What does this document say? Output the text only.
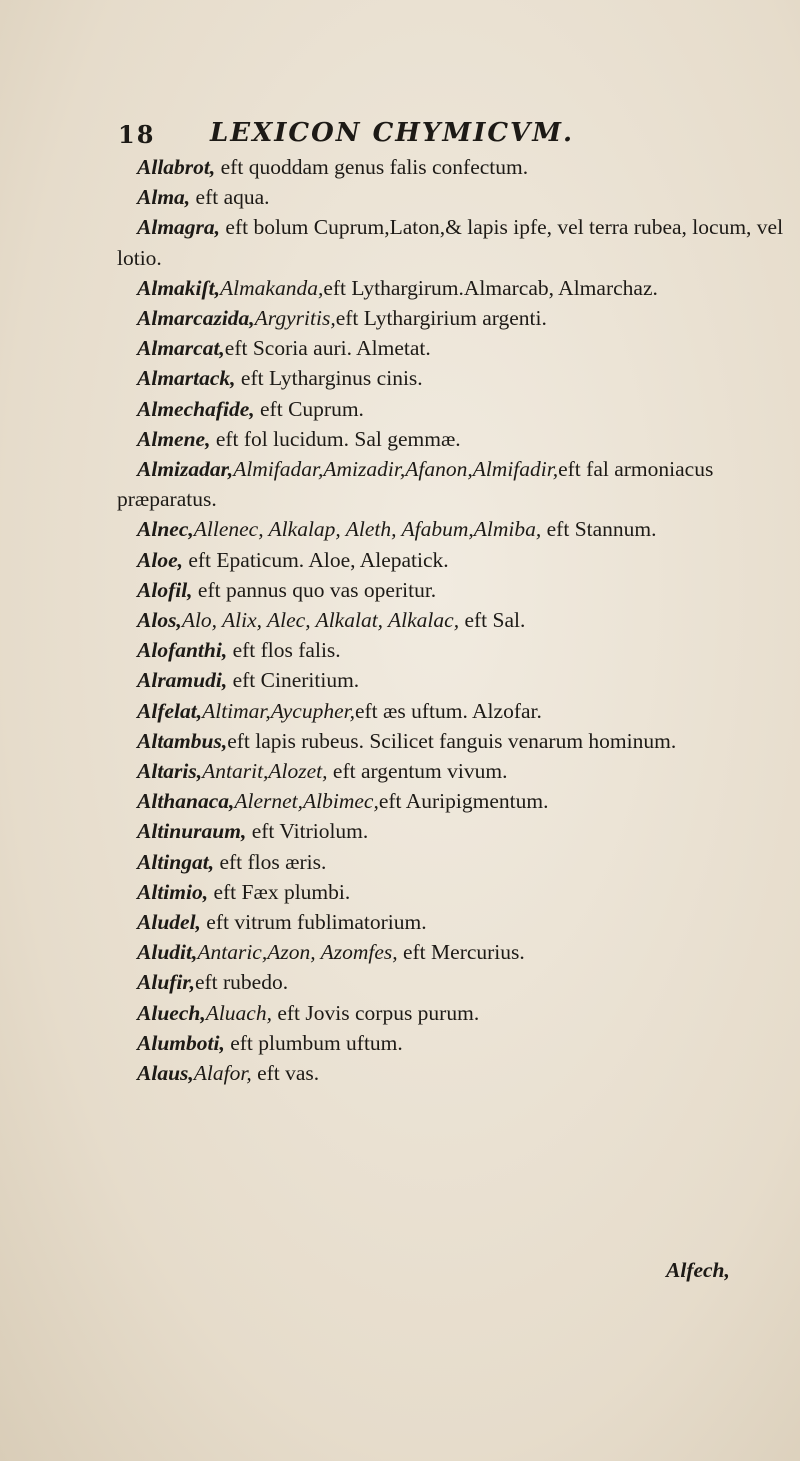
18 LEXICON CHYMICVM.

Allabrot, eft quoddam genus falis confectum.

Alma, eft aqua.

Almagra, eft bolum Cuprum,Laton,& lapis ipfe, vel terra rubea, locum, vel lotio.

Almakiſt,Almakanda,eft Lythargirum.Almarcab, Almarchaz.

Almarcazida,Argyritis,eft Lythargirium argenti.

Almarcat,eft Scoria auri. Almetat.

Almartack, eft Lytharginus cinis.

Almechafide, eft Cuprum.

Almene, eft fol lucidum. Sal gemmæ.

Almizadar,Almifadar,Amizadir,Afanon,Almifadir,eft fal armoniacus præparatus.

Alnec,Allenec, Alkalap, Aleth, Afabum,Almiba, eft Stannum.

Aloe, eft Epaticum. Aloe, Alepatick.

Alofil, eft pannus quo vas operitur.

Alos,Alo, Alix, Alec, Alkalat, Alkalac, eft Sal.

Alofanthi, eft flos falis.

Alramudi, eft Cineritium.

Alfelat,Altimar,Aycupher,eft æs uftum. Alzofar.

Altambus,eft lapis rubeus. Scilicet fanguis venarum hominum.

Altaris,Antarit,Alozet, eft argentum vivum.

Althanaca,Alernet,Albimec,eft Auripigmentum.

Altinuraum, eft Vitriolum.

Altingat, eft flos æris.

Altimio, eft Fæx plumbi.

Aludel, eft vitrum fublimatorium.

Aludit,Antaric,Azon, Azomfes, eft Mercurius.

Alufir,eft rubedo.

Aluech,Aluach, eft Jovis corpus purum.

Alumboti, eft plumbum uftum.

Alaus,Alafor, eft vas.

Alfech,
